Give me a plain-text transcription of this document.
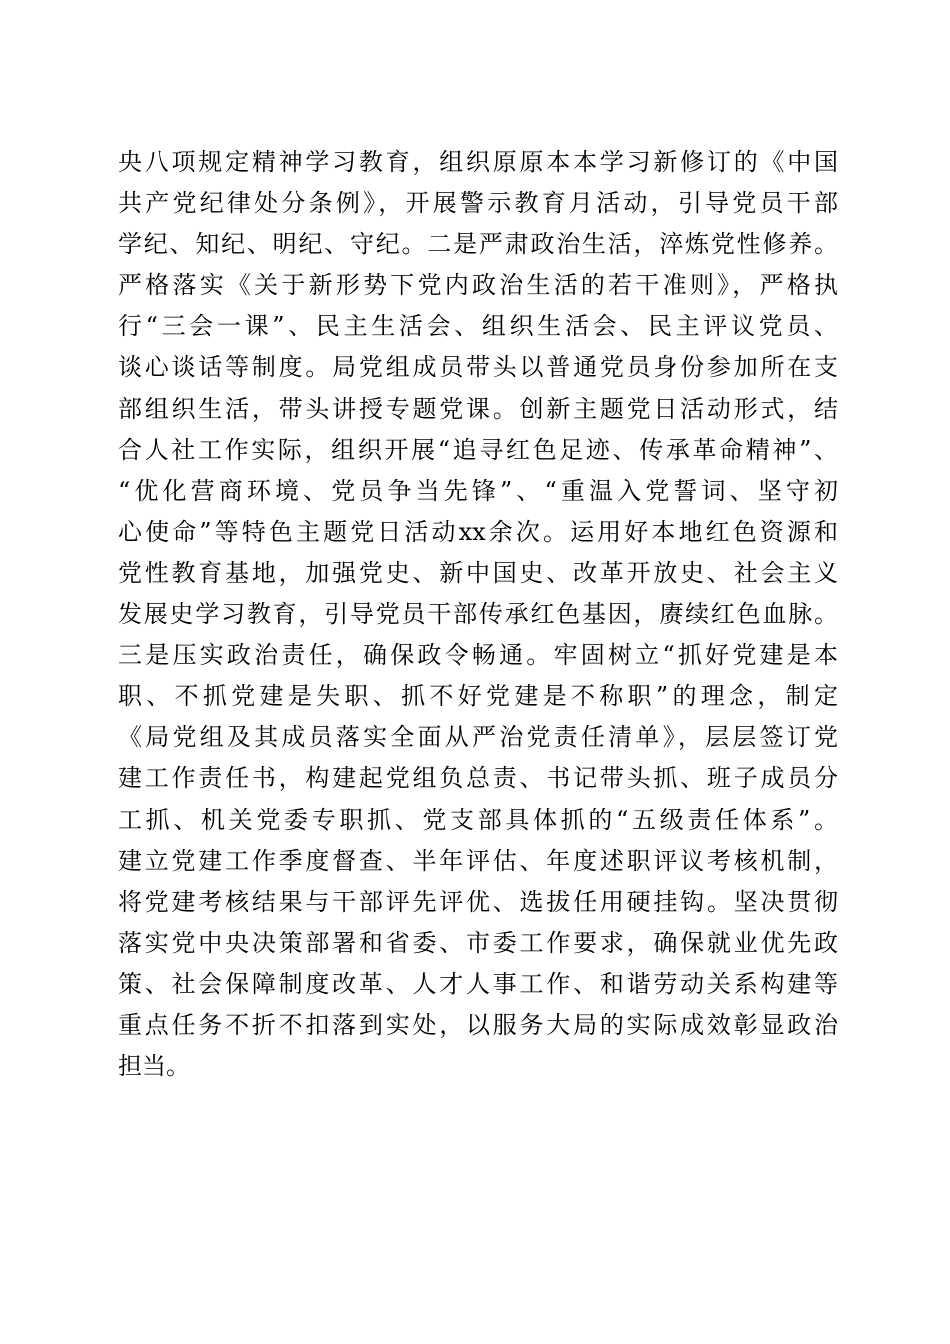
央八项规定精神学习教育，组织原原本本学习新修订的《中国
共产党纪律处分条例》，开展警示教育月活动，引导党员干部
学纪、知纪、明纪、守纪。二是严肃政治生活，淬炼党性修养。
严格落实《关于新形势下党内政治生活的若干准则》，严格执
行“三会一课”、民主生活会、组织生活会、民主评议党员、
谈心谈话等制度。局党组成员带头以普通党员身份参加所在支
部组织生活，带头讲授专题党课。创新主题党日活动形式，结
合人社工作实际，组织开展“追寻红色足迹、传承革命精神”、
“优化营商环境、党员争当先锋”、“重温入党誓词、坚守初
心使命”等特色主题党日活动xx余次。运用好本地红色资源和
党性教育基地，加强党史、新中国史、改革开放史、社会主义
发展史学习教育，引导党员干部传承红色基因，赓续红色血脉。
三是压实政治责任，确保政令畅通。牢固树立“抓好党建是本
职、不抓党建是失职、抓不好党建是不称职”的理念，制定
《局党组及其成员落实全面从严治党责任清单》，层层签订党
建工作责任书，构建起党组负总责、书记带头抓、班子成员分
工抓、机关党委专职抓、党支部具体抓的“五级责任体系”。
建立党建工作季度督查、半年评估、年度述职评议考核机制，
将党建考核结果与干部评先评优、选拔任用硬挂钩。坚决贯彻
落实党中央决策部署和省委、市委工作要求，确保就业优先政
策、社会保障制度改革、人才人事工作、和谐劳动关系构建等
重点任务不折不扣落到实处，以服务大局的实际成效彰显政治
担当。
